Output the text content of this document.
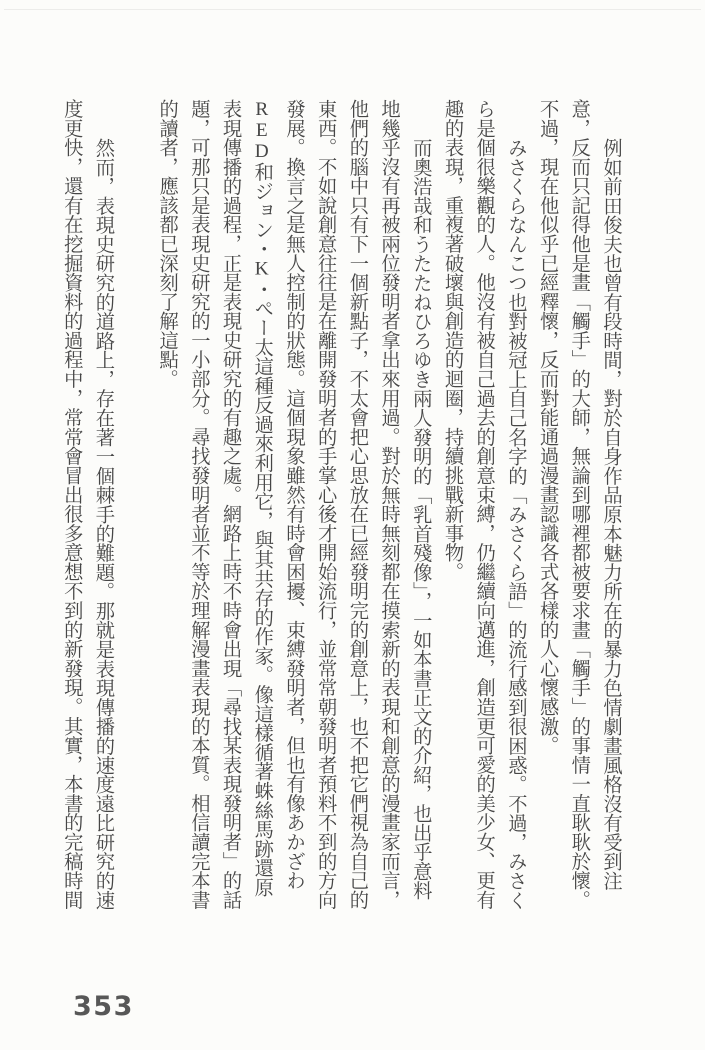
例如前田俊夫也曾有段時間，對於自身作品原本魅力所在的暴力色情劇畫風格沒有受到注意，反而只記得他是畫「觸手」的大師，無論到哪裡都被要求畫「觸手」的事情一直耿耿於懷。不過，現在他似乎已經釋懷，反而對能通過漫畫認識各式各樣的人心懷感激。

みさくらなんこつ也對被冠上自己名字的「みさくら語」的流行感到很困惑。不過，みさくら是個很樂觀的人。他沒有被自己過去的創意束縛，仍繼續向邁進，創造更可愛的美少女、更有趣的表現，重複著破壞與創造的迴圈，持續挑戰新事物。

而奧浩哉和うたたねひろゆき兩人發明的「乳首殘像」，一如本書正文的介紹，也出乎意料地幾乎沒有再被兩位發明者拿出來用過。對於無時無刻都在摸索新的表現和創意的漫畫家而言，他們的腦中只有下一個新點子，不太會把心思放在已經發明完的創意上，也不把它們視為自己的東西。不如說創意往往是在離開發明者的手掌心後才開始流行，並常常朝發明者預料不到的方向發展。換言之是無人控制的狀態。這個現象雖然有時會困擾、束縛發明者，但也有像あかざわRED和ジョン・K・ぺー太這種反過來利用它，與其共存的作家。像這樣循著蛛絲馬跡還原表現傳播的過程，正是表現史研究的有趣之處。網路上時不時會出現「尋找某表現發明者」的話題，可那只是表現史研究的一小部分。尋找發明者並不等於理解漫畫表現的本質。相信讀完本書的讀者，應該都已深刻了解這點。

然而，表現史研究的道路上，存在著一個棘手的難題。那就是表現傳播的速度遠比研究的速度更快，還有在挖掘資料的過程中，常常會冒出很多意想不到的新發現。其實，本書的完稿時間

353
